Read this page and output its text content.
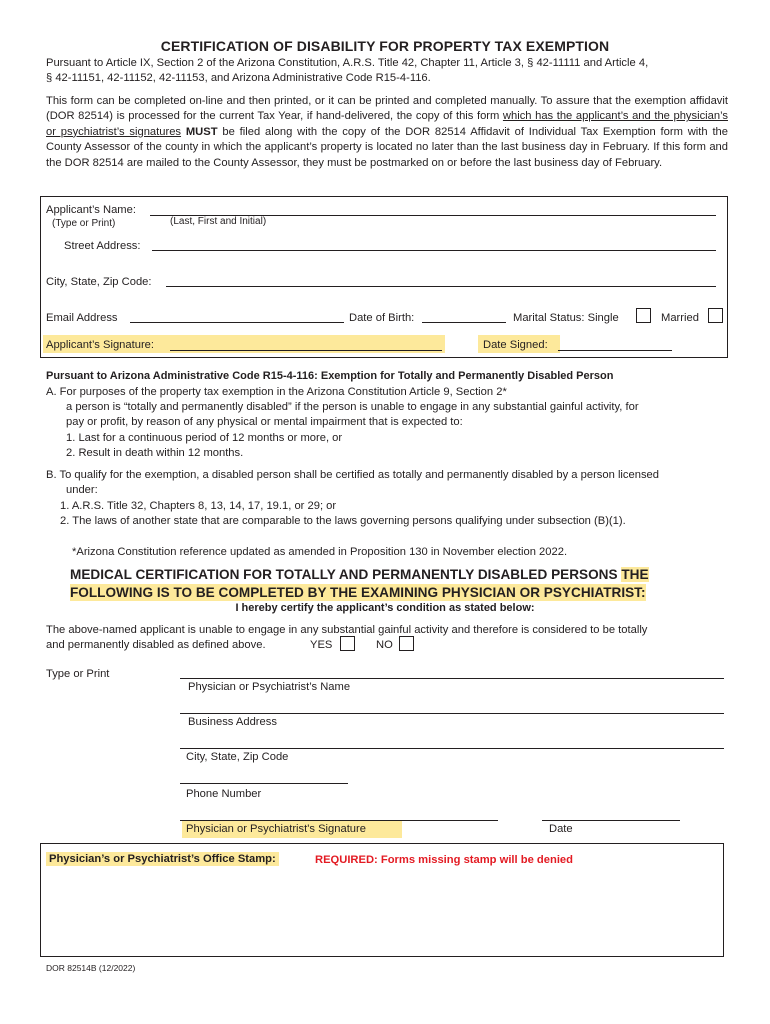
CERTIFICATION OF DISABILITY FOR PROPERTY TAX EXEMPTION
Pursuant to Article IX, Section 2 of the Arizona Constitution, A.R.S. Title 42, Chapter 11, Article 3, § 42-11111 and Article 4,
§ 42-11151, 42-11152, 42-11153, and Arizona Administrative Code R15-4-116.
This form can be completed on-line and then printed, or it can be printed and completed manually. To assure that the exemption affidavit (DOR 82514) is processed for the current Tax Year, if hand-delivered, the copy of this form which has the applicant’s and the physician’s or psychiatrist’s signatures MUST be filed along with the copy of the DOR 82514 Affidavit of Individual Tax Exemption form with the County Assessor of the county in which the applicant’s property is located no later than the last business day in February. If this form and the DOR 82514 are mailed to the County Assessor, they must be postmarked on or before the last business day of February.
Applicant’s Name:
(Type or Print)	(Last, First and Initial)
Street Address:
City, State, Zip Code:
Email Address	Date of Birth:	Marital Status: Single	Married
Applicant’s Signature:	Date Signed:
Pursuant to Arizona Administrative Code R15-4-116: Exemption for Totally and Permanently Disabled Person
A. For purposes of the property tax exemption in the Arizona Constitution Article 9, Section 2*
a person is “totally and permanently disabled” if the person is unable to engage in any substantial gainful activity, for
pay or profit, by reason of any physical or mental impairment that is expected to:
1. Last for a continuous period of 12 months or more, or
2. Result in death within 12 months.
B. To qualify for the exemption, a disabled person shall be certified as totally and permanently disabled by a person licensed
under:
1. A.R.S. Title 32, Chapters 8, 13, 14, 17, 19.1, or 29; or
2. The laws of another state that are comparable to the laws governing persons qualifying under subsection (B)(1).
*Arizona Constitution reference updated as amended in Proposition 130 in November election 2022.
MEDICAL CERTIFICATION FOR TOTALLY AND PERMANENTLY DISABLED PERSONS THE
FOLLOWING IS TO BE COMPLETED BY THE EXAMINING PHYSICIAN OR PSYCHIATRIST:
I hereby certify the applicant’s condition as stated below:
The above-named applicant is unable to engage in any substantial gainful activity and therefore is considered to be totally
and permanently disabled as defined above.	YES	NO
Type or Print
Physician or Psychiatrist’s Name
Business Address
City, State, Zip Code
Phone Number
Physician or Psychiatrist's Signature	Date
Physician’s or Psychiatrist’s Office Stamp:	REQUIRED: Forms missing stamp will be denied
DOR 82514B (12/2022)
